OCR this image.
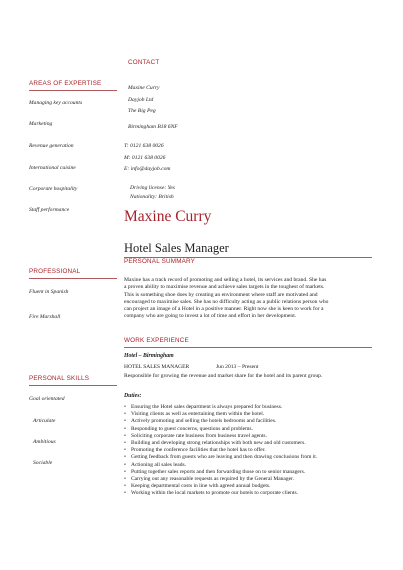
CONTACT
AREAS OF EXPERTISE
Managing key accounts
Marketing
Revenue generation
International cuisine
Corporate hospitality
Staff performance
Maxine Curry
Dayjob Ltd
The Big Peg
Birmingham B18 6NF
T: 0121 638 0026
M: 0121 638 0026
E: info@dayjob.com
Driving license: Yes
Nationality: British
Maxine Curry
Hotel Sales Manager
PERSONAL SUMMARY
PROFESSIONAL
Fluent in Spanish
Fire Marshall
Maxine has a track record of promoting and selling a hotel, its services and brand. She has
a proven ability to maximise revenue and achieve sales targets in the toughest of markets.
This is something shoe does by creating an environment where staff are motivated and
encouraged to maximise sales. She has no difficulty acting as a public relations person who
can project an image of a Hotel in a positive manner. Right now she is keen to work for a
company who are going to invest a lot of time and effort in her development.
WORK EXPERIENCE
Hotel – Birmingham
HOTEL SALES MANAGER	Jun 2013 – Present
Responsible for growing the revenue and market share for the hotel and its parent group.
PERSONAL SKILLS
Goal orientated
Articulate
Ambitious
Sociable
Duties:
• Ensuring the Hotel sales department is always prepared for business.
• Visiting clients as well as entertaining them within the hotel.
• Actively promoting and selling the hotels bedrooms and facilities.
• Responding to guest concerns, questions and problems.
• Soliciting corporate rate business from business travel agents.
• Building and developing strong relationships with both new and old customers.
• Promoting the conference facilities that the hotel has to offer.
• Getting feedback from guests who are leaving and then drawing conclusions from it.
• Actioning all sales leads.
• Putting together sales reports and then forwarding those on to senior managers.
• Carrying out any reasonable requests as required by the General Manager.
• Keeping departmental costs in line with agreed annual budgets.
• Working within the local markets to promote our hotels to corporate clients.
